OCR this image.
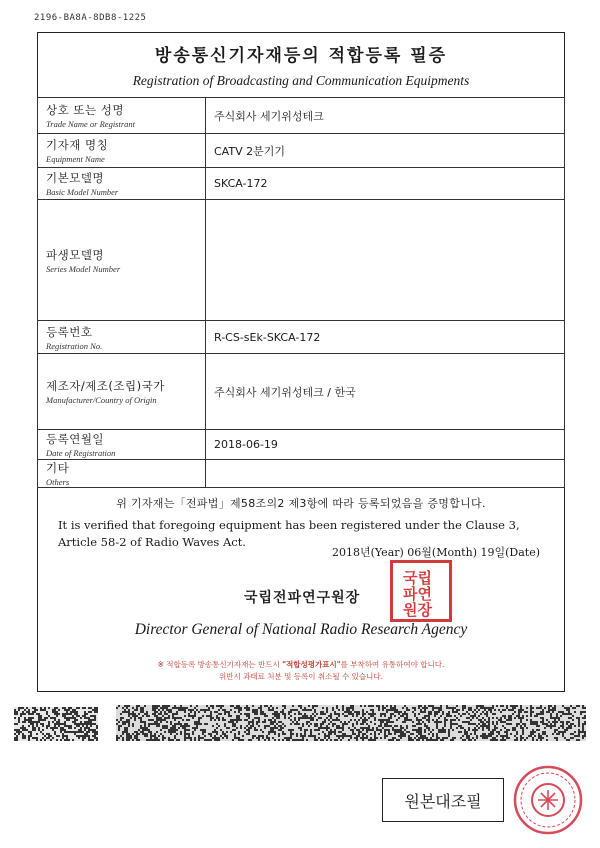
2196-BA8A-8DB8-1225
방송통신기자재등의 적합등록 필증
Registration of Broadcasting and Communication Equipments
상호 또는 성명
Trade Name or Registrant	주식회사 세기위성테크

기자재 명칭
Equipment Name	CATV 2분기기

기본모델명
Basic Model Number	SKCA-172

파생모델명
Series Model Number	

등록번호
Registration No.	R-CS-sEk-SKCA-172

제조자/제조(조립)국가
Manufacturer/Country of Origin	주식회사 세기위성테크 / 한국

등록연월일
Date of Registration	2018-06-19

기타
Others	

위 기자재는「전파법」제58조의2 제3항에 따라 등록되었음을 증명합니다.
It is verified that foregoing equipment has been registered under the Clause 3,
Article 58-2 of Radio Waves Act.
2018년(Year) 06월(Month) 19일(Date)
국립전파연구원장
국립
파연
원장
Director General of National Radio Research Agency
※ 적합등록 방송통신기자재는 반드시 "적합성평가표시"를 부착하여 유통하여야 합니다.
위반시 과태료 처분 및 등록이 취소될 수 있습니다.
원본대조필
